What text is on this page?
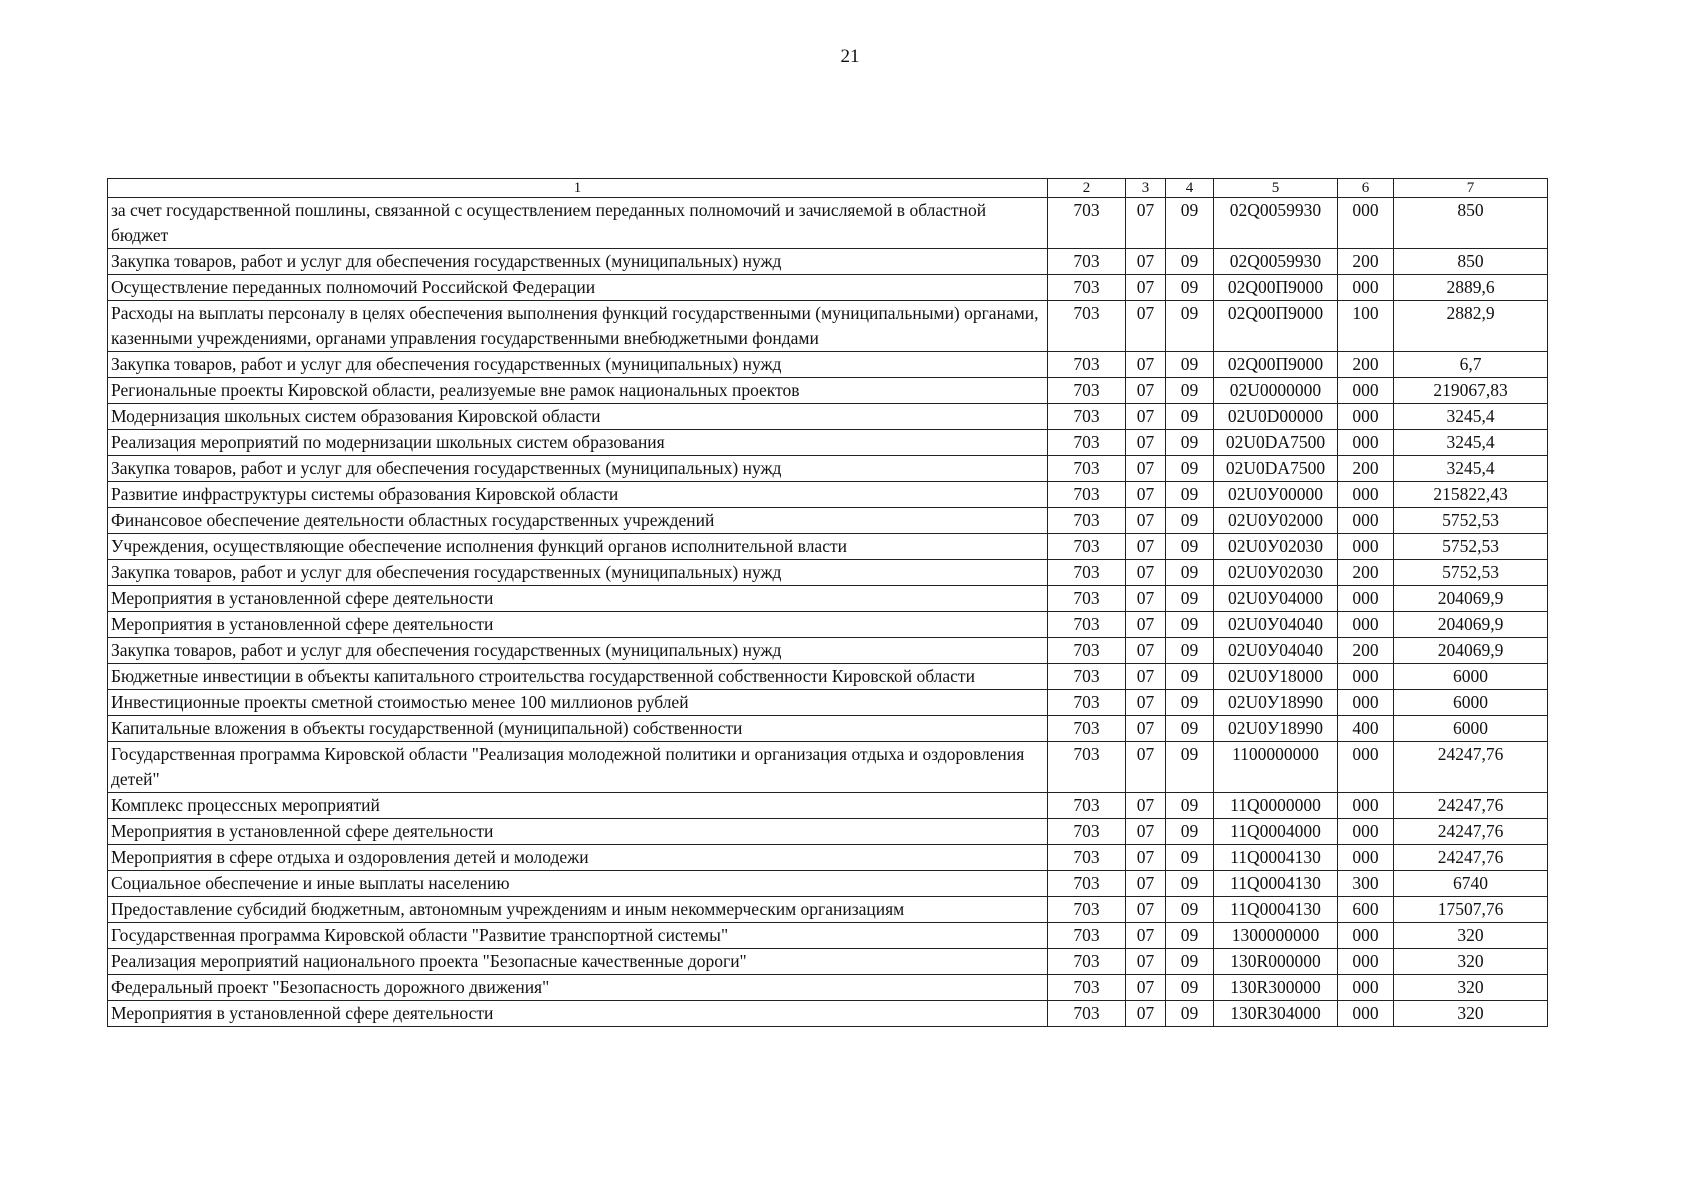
21
1	2	3	4	5	6	7
за счет государственной пошлины, связанной с осуществлением переданных полномочий и зачисляемой в областной бюджет	703	07	09	02Q0059930	000	850
Закупка товаров, работ и услуг для обеспечения государственных (муниципальных) нужд	703	07	09	02Q0059930	200	850
Осуществление переданных полномочий Российской Федерации	703	07	09	02Q00П9000	000	2889,6
Расходы на выплаты персоналу в целях обеспечения выполнения функций государственными (муниципальными) органами, казенными учреждениями, органами управления государственными внебюджетными фондами	703	07	09	02Q00П9000	100	2882,9
Закупка товаров, работ и услуг для обеспечения государственных (муниципальных) нужд	703	07	09	02Q00П9000	200	6,7
Региональные проекты Кировской области, реализуемые вне рамок национальных проектов	703	07	09	02U0000000	000	219067,83
Модернизация школьных систем образования Кировской области	703	07	09	02U0D00000	000	3245,4
Реализация мероприятий по модернизации школьных систем образования	703	07	09	02U0DA7500	000	3245,4
Закупка товаров, работ и услуг для обеспечения государственных (муниципальных) нужд	703	07	09	02U0DA7500	200	3245,4
Развитие инфраструктуры системы образования Кировской области	703	07	09	02U0У00000	000	215822,43
Финансовое обеспечение деятельности областных государственных учреждений	703	07	09	02U0У02000	000	5752,53
Учреждения, осуществляющие обеспечение исполнения функций органов исполнительной власти	703	07	09	02U0У02030	000	5752,53
Закупка товаров, работ и услуг для обеспечения государственных (муниципальных) нужд	703	07	09	02U0У02030	200	5752,53
Мероприятия в установленной сфере деятельности	703	07	09	02U0У04000	000	204069,9
Мероприятия в установленной сфере деятельности	703	07	09	02U0У04040	000	204069,9
Закупка товаров, работ и услуг для обеспечения государственных (муниципальных) нужд	703	07	09	02U0У04040	200	204069,9
Бюджетные инвестиции в объекты капитального строительства государственной собственности Кировской области	703	07	09	02U0У18000	000	6000
Инвестиционные проекты сметной стоимостью менее 100 миллионов рублей	703	07	09	02U0У18990	000	6000
Капитальные вложения в объекты государственной (муниципальной) собственности	703	07	09	02U0У18990	400	6000
Государственная программа Кировской области "Реализация молодежной политики и организация отдыха и оздоровления детей"	703	07	09	1100000000	000	24247,76
Комплекс процессных мероприятий	703	07	09	11Q0000000	000	24247,76
Мероприятия в установленной сфере деятельности	703	07	09	11Q0004000	000	24247,76
Мероприятия в сфере отдыха и оздоровления детей и молодежи	703	07	09	11Q0004130	000	24247,76
Социальное обеспечение и иные выплаты населению	703	07	09	11Q0004130	300	6740
Предоставление субсидий бюджетным, автономным учреждениям и иным некоммерческим организациям	703	07	09	11Q0004130	600	17507,76
Государственная программа Кировской области "Развитие транспортной системы"	703	07	09	1300000000	000	320
Реализация мероприятий национального проекта "Безопасные качественные дороги"	703	07	09	130R000000	000	320
Федеральный проект "Безопасность дорожного движения"	703	07	09	130R300000	000	320
Мероприятия в установленной сфере деятельности	703	07	09	130R304000	000	320
